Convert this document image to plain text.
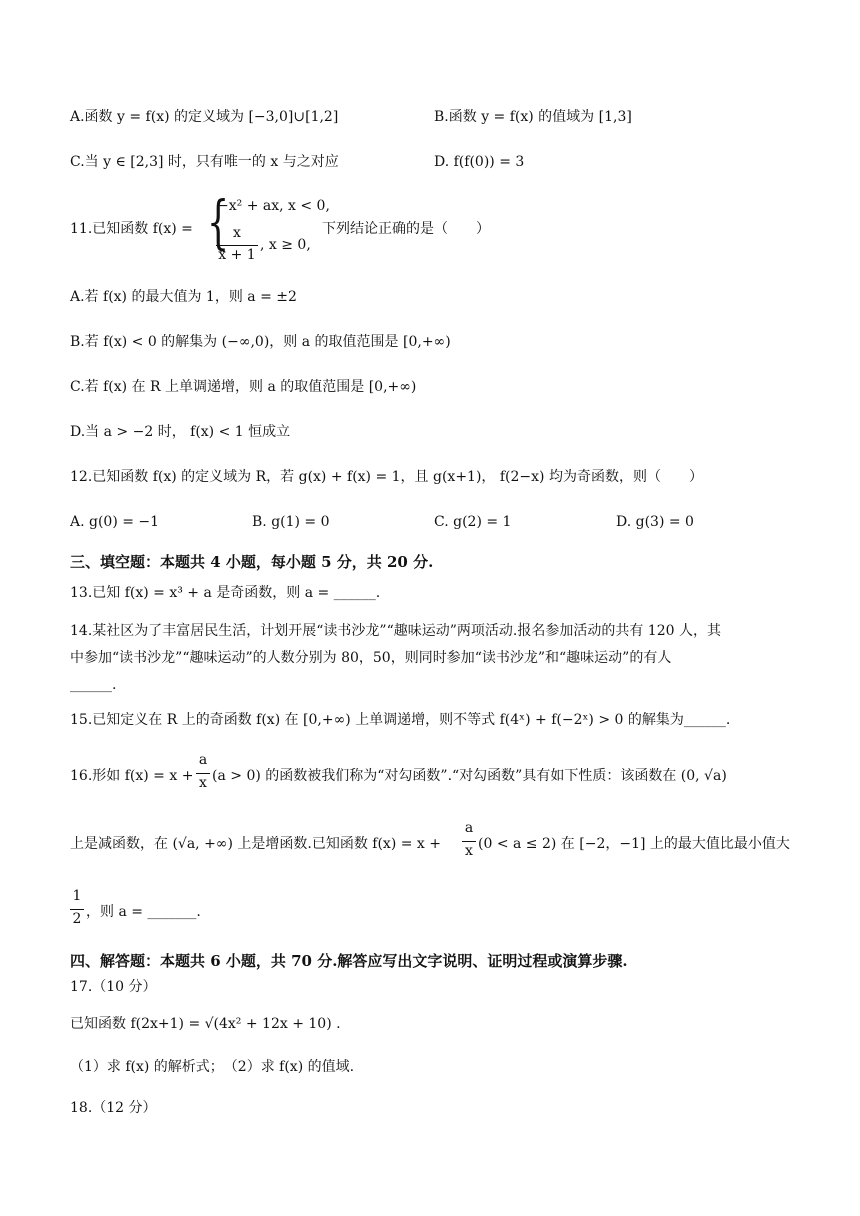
A.函数 y = f(x) 的定义域为 [−3,0]∪[1,2]	B.函数 y = f(x) 的值域为 [1,3]
C.当 y ∈ [2,3] 时，只有唯一的 x 与之对应	D. f(f(0)) = 3
11.已知函数 f(x) = {
−x² + ax, x < 0,
x
x + 1
, x ≥ 0,
下列结论正确的是（　　）
A.若 f(x) 的最大值为 1，则 a = ±2
B.若 f(x) < 0 的解集为 (−∞,0)，则 a 的取值范围是 [0,+∞)
C.若 f(x) 在 R 上单调递增，则 a 的取值范围是 [0,+∞)
D.当 a > −2 时， f(x) < 1 恒成立
12.已知函数 f(x) 的定义域为 R，若 g(x) + f(x) = 1，且 g(x+1)， f(2−x) 均为奇函数，则（　　）
A. g(0) = −1	B. g(1) = 0	C. g(2) = 1	D. g(3) = 0
三、填空题：本题共 4 小题，每小题 5 分，共 20 分.
13.已知 f(x) = x³ + a 是奇函数，则 a = ______.
14.某社区为了丰富居民生活，计划开展“读书沙龙”“趣味运动”两项活动.报名参加活动的共有 120 人，其
中参加“读书沙龙”“趣味运动”的人数分别为 80，50，则同时参加“读书沙龙”和“趣味运动”的有人
______.
15.已知定义在 R 上的奇函数 f(x) 在 [0,+∞) 上单调递增，则不等式 f(4ˣ) + f(−2ˣ) > 0 的解集为______.
16.形如 f(x) = x +
a
x (a > 0) 的函数被我们称为“对勾函数”.“对勾函数”具有如下性质：该函数在 (0, √a)
上是减函数，在 (√a, +∞) 上是增函数.已知函数 f(x) = x +
a
x (0 < a ≤ 2) 在 [−2，−1] 上的最大值比最小值大
1
2 ，则 a = _______.
四、解答题：本题共 6 小题，共 70 分.解答应写出文字说明、证明过程或演算步骤.
17.（10 分）
已知函数 f(2x+1) = √(4x² + 12x + 10) .
（1）求 f(x) 的解析式；　（2）求 f(x) 的值域.
18.（12 分）
